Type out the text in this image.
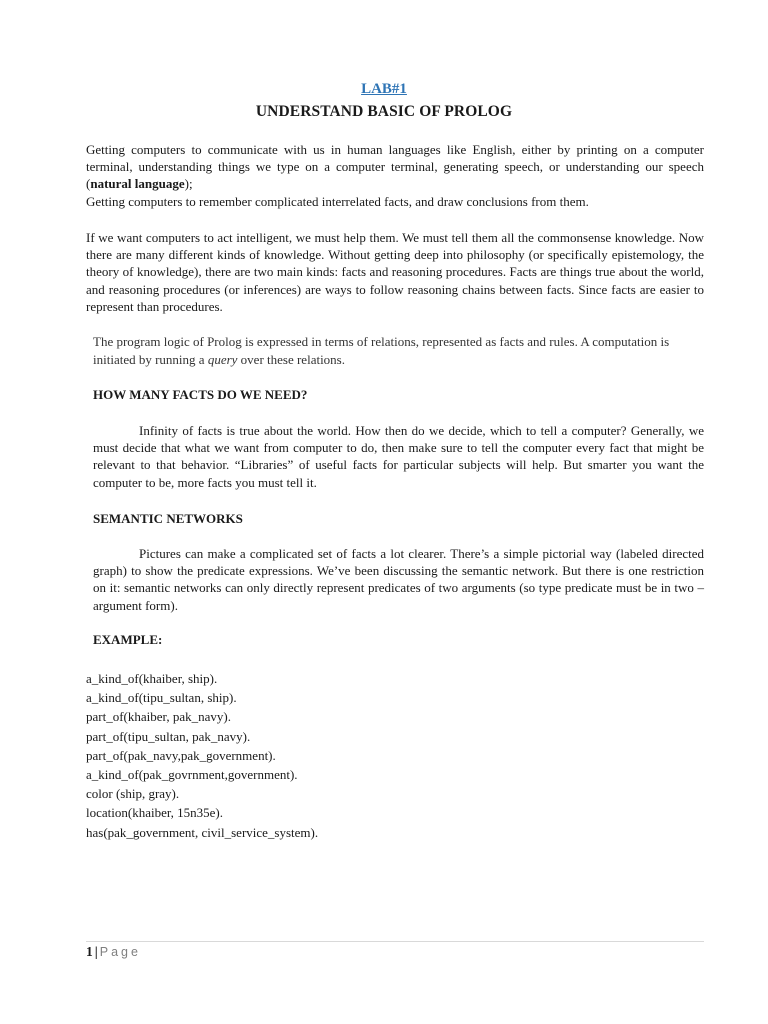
LAB#1
UNDERSTAND BASIC OF PROLOG
Getting computers to communicate with us in human languages like English, either by printing on a computer terminal, understanding things we type on a computer terminal, generating speech, or understanding our speech (natural language);
Getting computers to remember complicated interrelated facts, and draw conclusions from them.
If we want computers to act intelligent, we must help them. We must tell them all the commonsense knowledge. Now there are many different kinds of knowledge. Without getting deep into philosophy (or specifically epistemology, the theory of knowledge), there are two main kinds: facts and reasoning procedures. Facts are things true about the world, and reasoning procedures (or inferences) are ways to follow reasoning chains between facts. Since facts are easier to represent than procedures.
The program logic of Prolog is expressed in terms of relations, represented as facts and rules. A computation is initiated by running a query over these relations.
HOW MANY FACTS DO WE NEED?
Infinity of facts is true about the world. How then do we decide, which to tell a computer? Generally, we must decide that what we want from computer to do, then make sure to tell the computer every fact that might be relevant to that behavior. “Libraries” of useful facts for particular subjects will help. But smarter you want the computer to be, more facts you must tell it.
SEMANTIC NETWORKS
Pictures can make a complicated set of facts a lot clearer. There’s a simple pictorial way (labeled directed graph) to show the predicate expressions. We’ve been discussing the semantic network. But there is one restriction on it: semantic networks can only directly represent predicates of two arguments (so type predicate must be in two –argument form).
EXAMPLE:
a_kind_of(khaiber, ship).
a_kind_of(tipu_sultan, ship).
part_of(khaiber, pak_navy).
part_of(tipu_sultan, pak_navy).
part_of(pak_navy,pak_government).
a_kind_of(pak_govrnment,government).
color (ship, gray).
location(khaiber, 15n35e).
has(pak_government, civil_service_system).
1 | Page
